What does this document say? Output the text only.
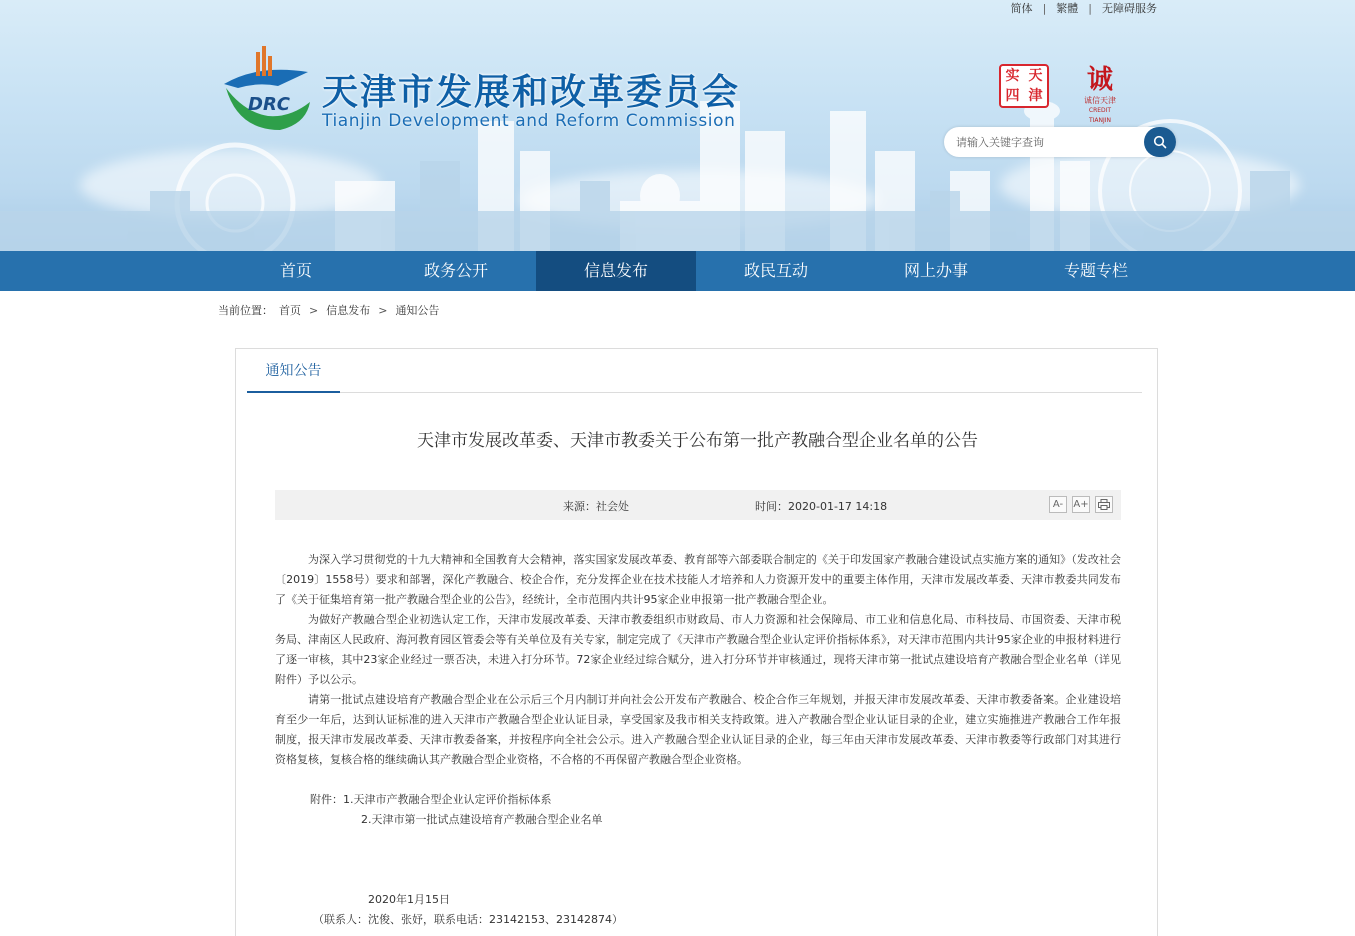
简体 | 繁體 | 无障碍服务
DRC 天津市发展和改革委员会
Tianjin Development and Reform Commission
实 天
四 津
诚
诚信天津
CREDIT TIANJIN
请输入关键字查询
首页	政务公开	信息发布	政民互动	网上办事	专题专栏
当前位置： 首页 > 信息发布 > 通知公告
通知公告
天津市发展改革委、天津市教委关于公布第一批产教融合型企业名单的公告
来源：社会处	时间：2020-01-17 14:18	A-	A+

为深入学习贯彻党的十九大精神和全国教育大会精神，落实国家发展改革委、教育部等六部委联合制定的《关于印发国家产教融合建设试点实施方案的通知》（发改社会〔2019〕1558号）要求和部署，深化产教融合、校企合作，充分发挥企业在技术技能人才培养和人力资源开发中的重要主体作用，天津市发展改革委、天津市教委共同发布了《关于征集培育第一批产教融合型企业的公告》，经统计，全市范围内共计95家企业申报第一批产教融合型企业。

为做好产教融合型企业初选认定工作，天津市发展改革委、天津市教委组织市财政局、市人力资源和社会保障局、市工业和信息化局、市科技局、市国资委、天津市税务局、津南区人民政府、海河教育园区管委会等有关单位及有关专家，制定完成了《天津市产教融合型企业认定评价指标体系》，对天津市范围内共计95家企业的申报材料进行了逐一审核，其中23家企业经过一票否决，未进入打分环节。72家企业经过综合赋分，进入打分环节并审核通过，现将天津市第一批试点建设培育产教融合型企业名单（详见附件）予以公示。

请第一批试点建设培育产教融合型企业在公示后三个月内制订并向社会公开发布产教融合、校企合作三年规划，并报天津市发展改革委、天津市教委备案。企业建设培育至少一年后，达到认证标准的进入天津市产教融合型企业认证目录，享受国家及我市相关支持政策。进入产教融合型企业认证目录的企业，建立实施推进产教融合工作年报制度，报天津市发展改革委、天津市教委备案，并按程序向全社会公示。进入产教融合型企业认证目录的企业，每三年由天津市发展改革委、天津市教委等行政部门对其进行资格复核，复核合格的继续确认其产教融合型企业资格，不合格的不再保留产教融合型企业资格。

附件：1.天津市产教融合型企业认定评价指标体系
2.天津市第一批试点建设培育产教融合型企业名单
2020年1月15日
（联系人：沈俊、张妤，联系电话：23142153、23142874）
